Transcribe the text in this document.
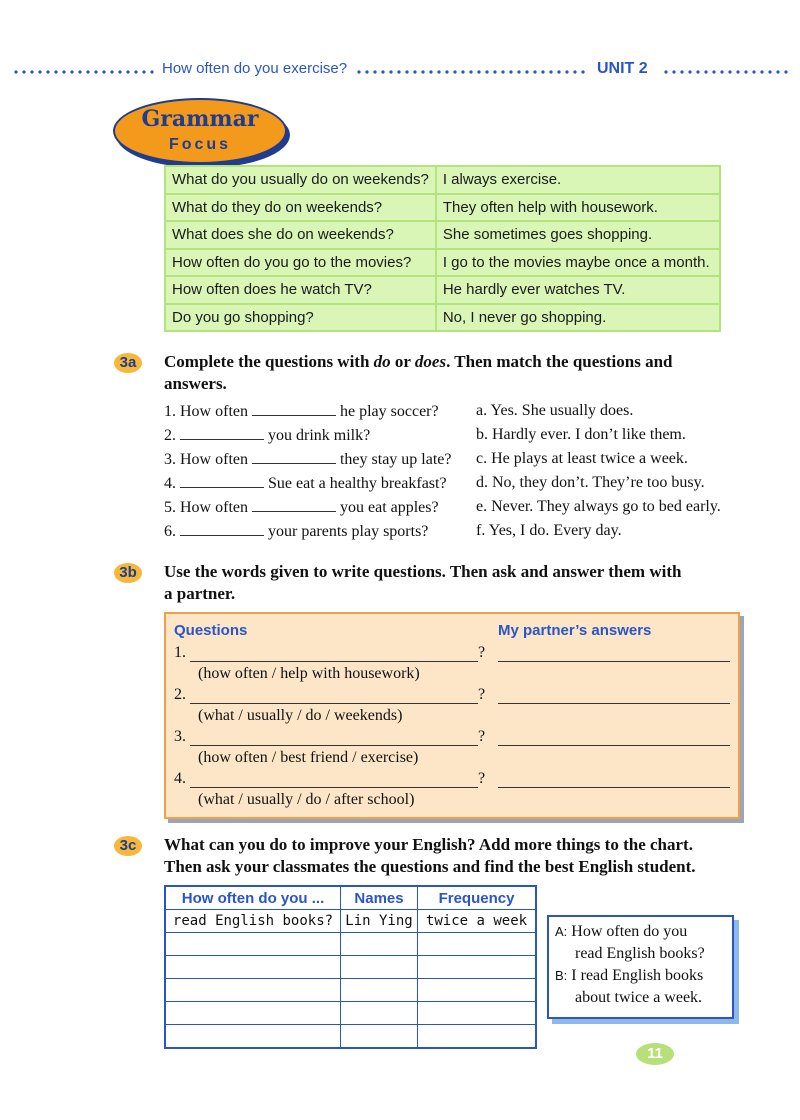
How often do you exercise?	UNIT 2
Grammar
Focus
What do you usually do on weekends?	I always exercise.
What do they do on weekends?	They often help with housework.
What does she do on weekends?	She sometimes goes shopping.
How often do you go to the movies?	I go to the movies maybe once a month.
How often does he watch TV?	He hardly ever watches TV.
Do you go shopping?	No, I never go shopping.
3a	Complete the questions with do or does. Then match the questions and
answers.
1. How often	he play soccer?
2.	you drink milk?
3. How often	they stay up late?
4.	Sue eat a healthy breakfast?
5. How often	you eat apples?
6.	your parents play sports?
a. Yes. She usually does.
b. Hardly ever. I don’t like them.
c. He plays at least twice a week.
d. No, they don’t. They’re too busy.
e. Never. They always go to bed early.
f. Yes, I do. Every day.
3b	Use the words given to write questions. Then ask and answer them with
a partner.
Questions	My partner’s answers
1.	?
(how often / help with housework)
2.	?
(what / usually / do / weekends)
3.	?
(how often / best friend / exercise)
4.	?
(what / usually / do / after school)
3c	What can you do to improve your English? Add more things to the chart.
Then ask your classmates the questions and find the best English student.
How often do you ...	Names	Frequency
read English books?	Lin Ying	twice a week

A: How often do you
read English books?
B: I read English books
about twice a week.
11
